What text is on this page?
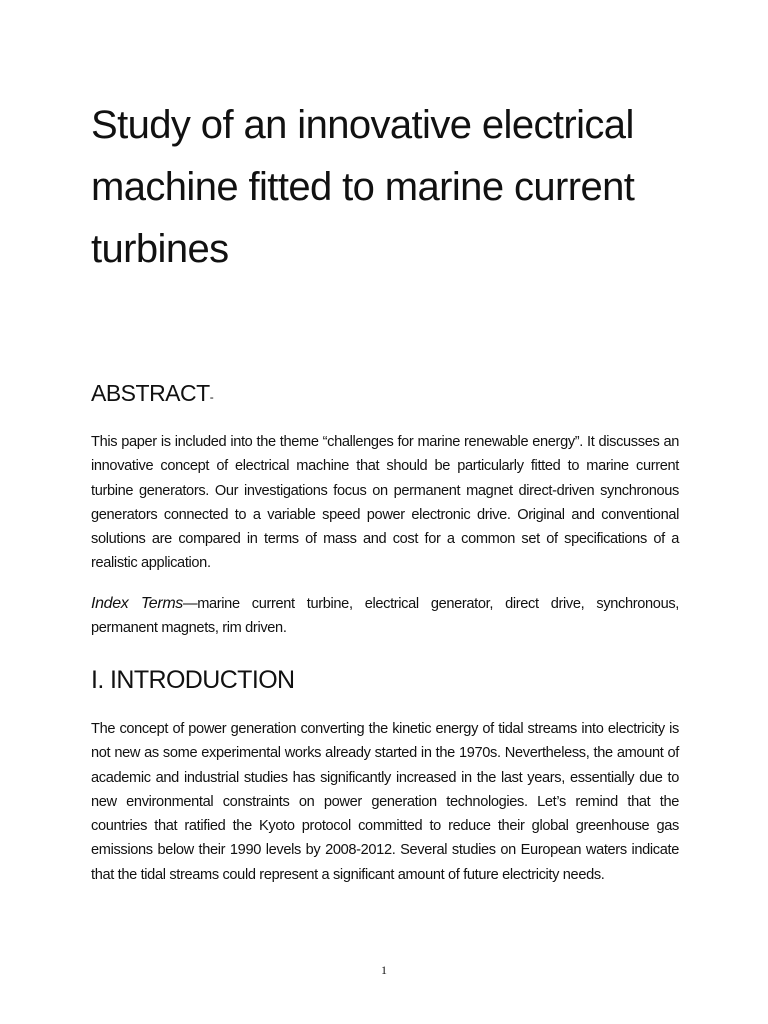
Study of an innovative electrical machine fitted to marine current turbines
ABSTRACT-

This paper is included into the theme “challenges for marine renewable energy”. It discusses an innovative concept of electrical machine that should be particularly fitted to marine current turbine generators. Our investigations focus on permanent magnet direct-driven synchronous generators connected to a variable speed power electronic drive. Original and conventional solutions are compared in terms of mass and cost for a common set of specifications of a realistic application.

Index Terms—marine current turbine, electrical generator, direct drive, synchronous, permanent magnets, rim driven.

I. INTRODUCTION

The concept of power generation converting the kinetic energy of tidal streams into electricity is not new as some experimental works already started in the 1970s. Nevertheless, the amount of academic and industrial studies has significantly increased in the last years, essentially due to new environmental constraints on power generation technologies. Let’s remind that the countries that ratified the Kyoto protocol committed to reduce their global greenhouse gas emissions below their 1990 levels by 2008-2012. Several studies on European waters indicate that the tidal streams could represent a significant amount of future electricity needs.

1
